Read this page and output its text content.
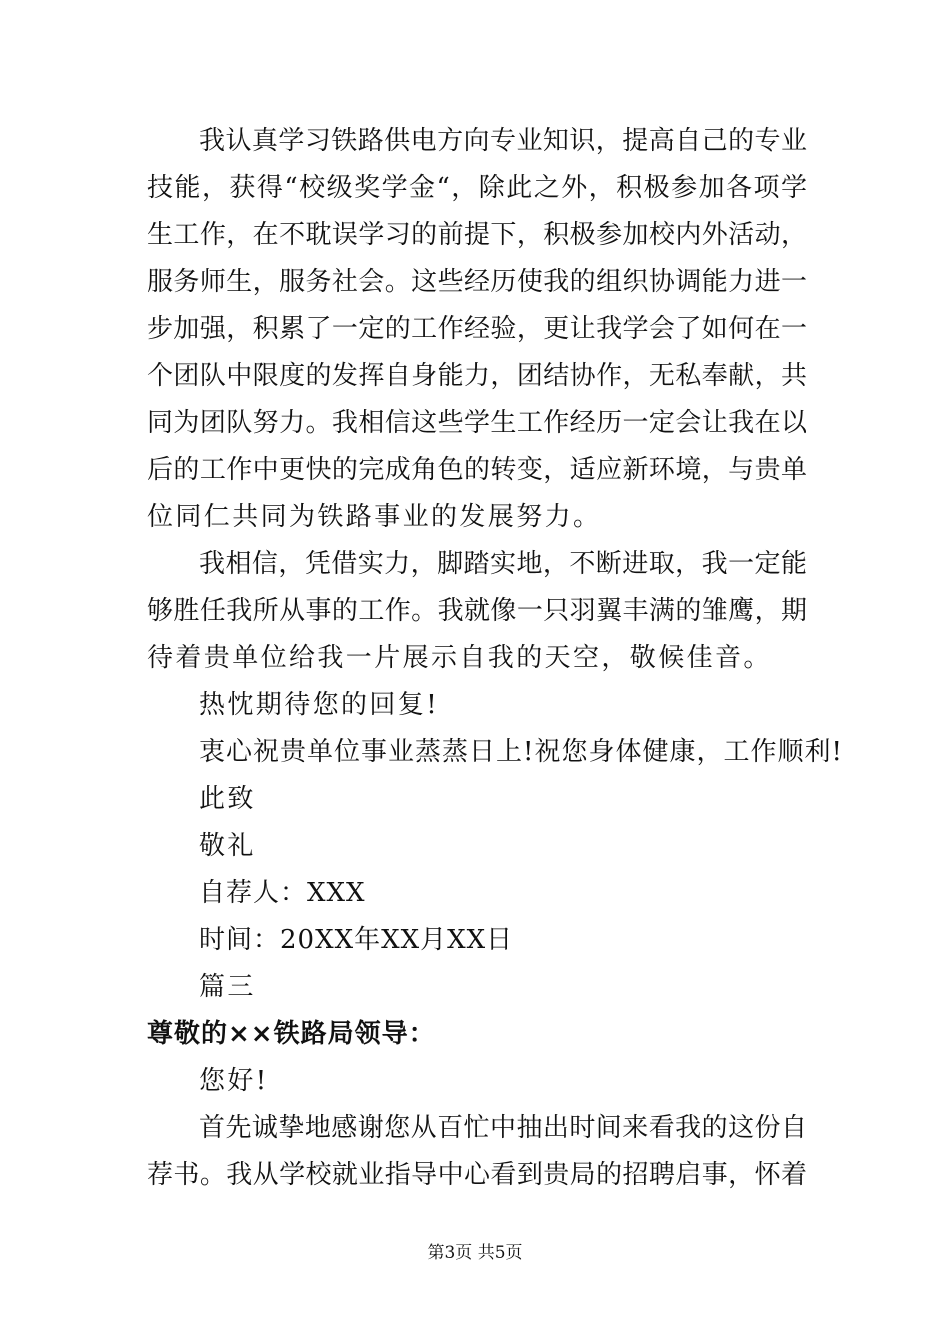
我认真学习铁路供电方向专业知识，提高自己的专业
技能，获得“校级奖学金“，除此之外，积极参加各项学
生工作，在不耽误学习的前提下，积极参加校内外活动，
服务师生，服务社会。这些经历使我的组织协调能力进一
步加强，积累了一定的工作经验，更让我学会了如何在一
个团队中限度的发挥自身能力，团结协作，无私奉献，共
同为团队努力。我相信这些学生工作经历一定会让我在以
后的工作中更快的完成角色的转变，适应新环境，与贵单
位同仁共同为铁路事业的发展努力。
我相信，凭借实力，脚踏实地，不断进取，我一定能
够胜任我所从事的工作。我就像一只羽翼丰满的雏鹰，期
待着贵单位给我一片展示自我的天空，敬候佳音。
热忱期待您的回复!
衷心祝贵单位事业蒸蒸日上!祝您身体健康，工作顺利!
此致
敬礼
自荐人：XXX
时间：20XX年XX月XX日
篇三
尊敬的××铁路局领导：
您好!
首先诚挚地感谢您从百忙中抽出时间来看我的这份自
荐书。我从学校就业指导中心看到贵局的招聘启事，怀着
第3页 共5页
